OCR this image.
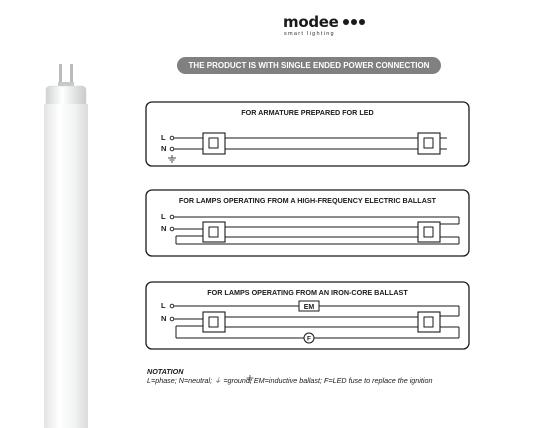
modee
smart lighting
THE PRODUCT IS WITH SINGLE ENDED POWER CONNECTION
EM
F
FOR ARMATURE PREPARED FOR LED
FOR LAMPS OPERATING FROM A HIGH-FREQUENCY ELECTRIC BALLAST
FOR LAMPS OPERATING FROM AN IRON-CORE BALLAST
L
N
L
N
L
N
NOTATION
L=phase; N=neutral; ⏚ =ground; EM=inductive ballast; F=LED fuse to replace the ignition
